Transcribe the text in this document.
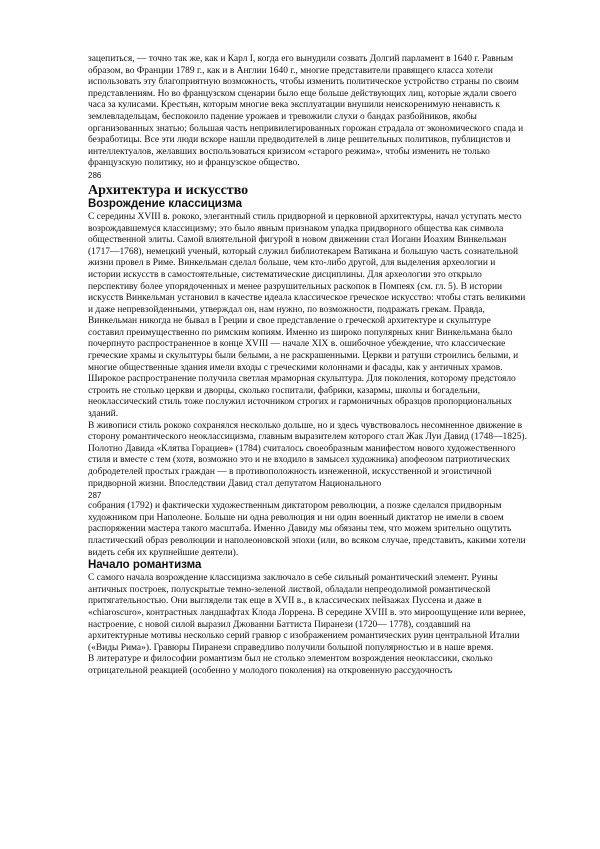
зацепиться, — точно так же, как и Карл I, когда его вынудили созвать Долгий парламент в 1640 г. Равным образом, во Франции 1789 г., как и в Англии 1640 г., многие представители правящего класса хотели использовать эту благоприятную возможность, чтобы изменить политическое устройство страны по своим представлениям. Но во французском сценарии было еще больше действующих лиц, которые ждали своего часа за кулисами. Крестьян, которым многие века эксплуатации внушили неискоренимую ненависть к землевладельцам, беспокоило падение урожаев и тревожили слухи о бандах разбойников, якобы организованных знатью; большая часть непривилегированных горожан страдала от экономического спада и безработицы. Все эти люди вскоре нашли предводителей в лице решительных политиков, публицистов и интеллектуалов, желавших воспользоваться кризисом «старого режима», чтобы изменить не только французскую политику, но и французское общество.

286

Архитектура и искусство
Возрождение классицизма

С середины XVIII в. рококо, элегантный стиль придворной и церковной архитектуры, начал уступать место возрождавшемуся классицизму; это было явным признаком упадка придворного общества как символа общественной элиты. Самой влиятельной фигурой в новом движении стал Иоганн Иоахим Винкельман (1717—1768), немецкий ученый, который служил библиотекарем Ватикана и большую часть сознательной жизни провел в Риме. Винкельман сделал больше, чем кто-либо другой, для выделения археологии и истории искусств в самостоятельные, систематические дисциплины. Для археологии это открыло перспективу более упорядоченных и менее разрушительных раскопок в Помпеях (см. гл. 5). В истории искусств Винкельман установил в качестве идеала классическое греческое искусство: чтобы стать великими и даже непревзойденными, утверждал он, нам нужно, по возможности, подражать грекам. Правда, Винкельман никогда не бывал в Греции и свое представление о греческой архитектуре и скульптуре составил преимущественно по римским копиям. Именно из широко популярных книг Винкельмана было почерпнуто распространенное в конце XVIII — начале XIX в. ошибочное убеждение, что классические греческие храмы и скульптуры были белыми, а не раскрашенными. Церкви и ратуши строились белыми, и многие общественные здания имели входы с греческими колоннами и фасады, как у античных храмов. Широкое распространение получила светлая мраморная скульптура. Для поколения, которому предстояло строить не столько церкви и дворцы, сколько госпитали, фабрики, казармы, школы и богадельни, неоклассический стиль тоже послужил источником строгих и гармоничных образцов пропорциональных зданий.

В живописи стиль рококо сохранялся несколько дольше, но и здесь чувствовалось несомненное движение в сторону романтического неоклассицизма, главным выразителем которого стал Жак Луи Давид (1748—1825). Полотно Давида «Клятва Горациев» (1784) считалось своеобразным манифестом нового художественного стиля и вместе с тем (хотя, возможно это и не входило в замысел художника) апофеозом патриотических добродетелей простых граждан — в противоположность изнеженной, искусственной и эгоистичной придворной жизни. Впоследствии Давид стал депутатом Национального

287

собрания (1792) и фактически художественным диктатором революции, а позже сделался придворным художником при Наполеоне. Больше ни одна революция и ни один военный диктатор не имели в своем распоряжении мастера такого масштаба. Именно Давиду мы обязаны тем, что можем зрительно ощутить пластический образ революции и наполеоновской эпохи (или, во всяком случае, представить, какими хотели видеть себя их крупнейшие деятели).

Начало романтизма

С самого начала возрождение классицизма заключало в себе сильный романтический элемент. Руины античных построек, полускрытые темно-зеленой листвой, обладали непреодолимой романтической притягательностью. Они выглядели так еще в XVII в., в классических пейзажах Пуссена и даже в «chiaroscuro», контрастных ландшафтах Клода Лоррена. В середине XVIII в. это мироощущение или вернее, настроение, с новой силой выразил Джованни Баттиста Пиранези (1720— 1778), создавший на архитектурные мотивы несколько серий гравюр с изображением романтических руин центральной Италии («Виды Рима»). Гравюры Пиранези справедливо получили большой популярностью и в наше время.

В литературе и философии романтизм был не столько элементом возрождения неоклассики, сколько отрицательной реакцией (особенно у молодого поколения) на откровенную рассудочность
